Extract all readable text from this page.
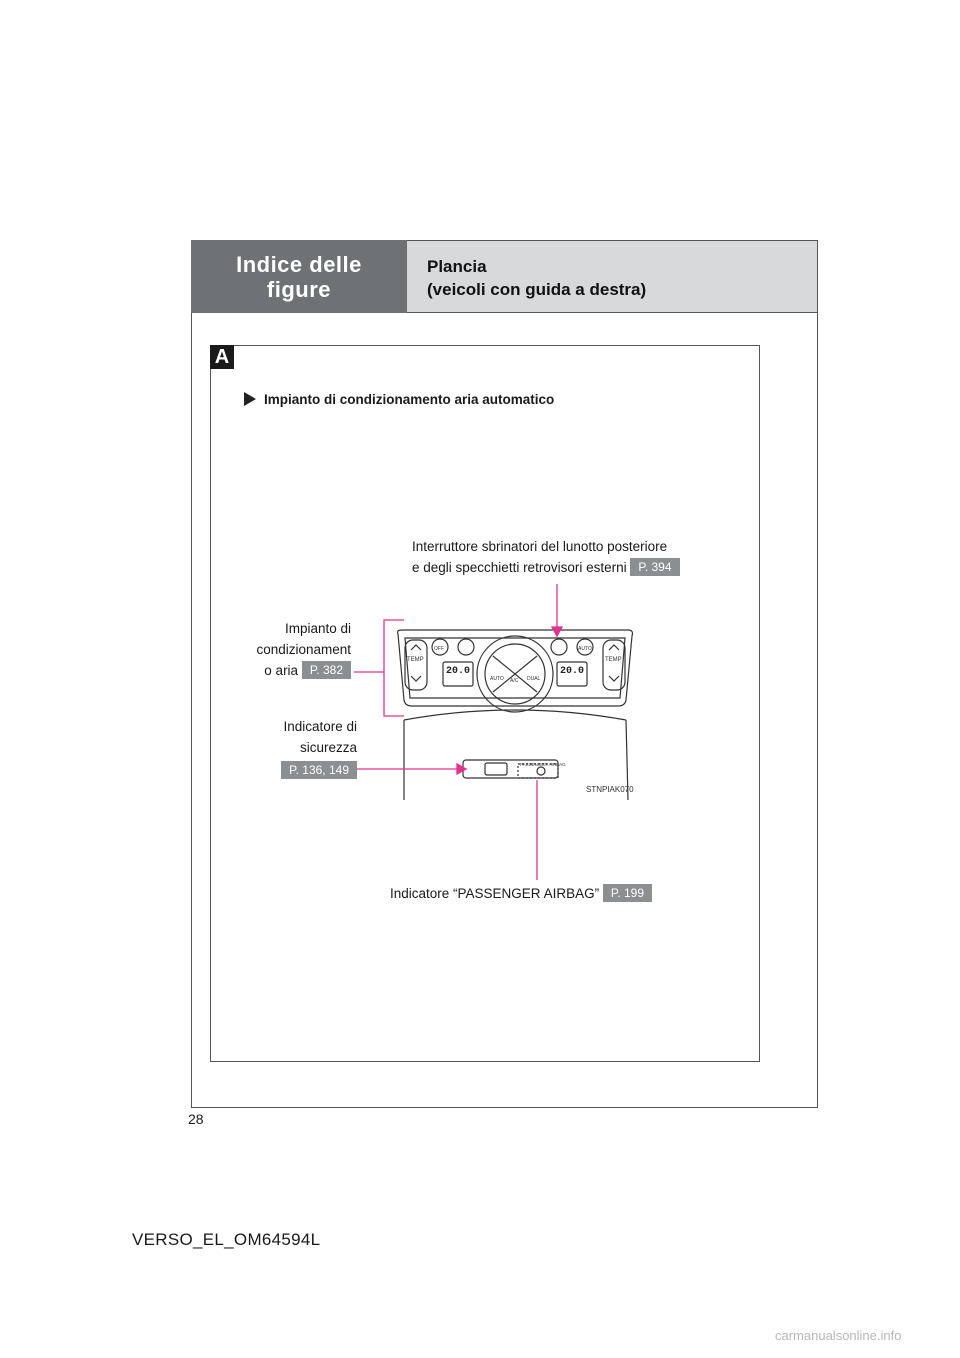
Indice delle
figure
Plancia
(veicoli con guida a destra)
A
Impianto di condizionamento aria automatico
Interruttore sbrinatori del lunotto posteriore
e degli specchietti retrovisori esterni P. 394
Impianto di
condizionament
o aria P. 382
Indicatore di
sicurezza
P. 136, 149
Indicatore “PASSENGER AIRBAG” P. 199
TEMP	TEMP
OFF	AUTO
AUTO A/C DUAL
PASSENGER AIRBAG
20.0	20.0
STNPIAK070
28
VERSO_EL_OM64594L
carmanualsonline.info
